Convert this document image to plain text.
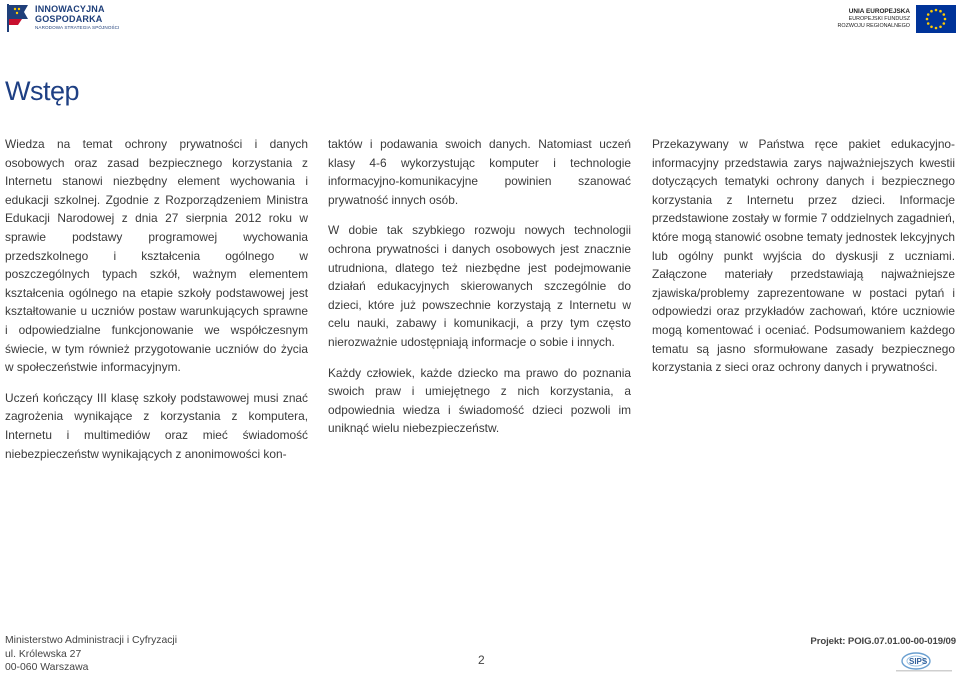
INNOWACYJNA
GOSPODARKA
NARODOWA STRATEGIA SPÓJNOŚCI
UNIA EUROPEJSKA
EUROPEJSKI FUNDUSZ
ROZWOJU REGIONALNEGO
Wstęp

Wiedza na temat ochrony prywatności i danych osobowych oraz zasad bezpiecznego korzystania z Internetu stanowi niezbędny element wychowania i edukacji szkolnej. Zgodnie z Rozporządzeniem Ministra Edukacji Narodowej z dnia 27 sierpnia 2012 roku w sprawie podstawy programowej wychowania przedszkolnego i kształcenia ogólnego w poszczególnych typach szkół, ważnym elementem kształcenia ogólnego na etapie szkoły podstawowej jest kształtowanie u uczniów postaw warunkujących sprawne i odpowiedzialne funkcjonowanie we współczesnym świecie, w tym również przygotowanie uczniów do życia w społeczeństwie informacyjnym.

Uczeń kończący III klasę szkoły podstawowej musi znać zagrożenia wynikające z korzystania z komputera, Internetu i multimediów oraz mieć świadomość niebezpieczeństw wynikających z anonimowości kon-

taktów i podawania swoich danych. Natomiast uczeń klasy 4-6 wykorzystując komputer i technologie informacyjno-komunikacyjne powinien szanować prywatność innych osób.

W dobie tak szybkiego rozwoju nowych technologii ochrona prywatności i danych osobowych jest znacznie utrudniona, dlatego też niezbędne jest podejmowanie działań edukacyjnych skierowanych szczególnie do dzieci, które już powszechnie korzystają z Internetu w celu nauki, zabawy i komunikacji, a przy tym często nierozważnie udostępniają informacje o sobie i innych.

Każdy człowiek, każde dziecko ma prawo do poznania swoich praw i umiejętnego z nich korzystania, a odpowiednia wiedza i świadomość dzieci pozwoli im uniknąć wielu niebezpieczeństw.

Przekazywany w Państwa ręce pakiet edukacyjno-informacyjny przedstawia zarys najważniejszych kwestii dotyczących tematyki ochrony danych i bezpiecznego korzystania z Internetu przez dzieci. Informacje przedstawione zostały w formie 7 oddzielnych zagadnień, które mogą stanowić osobne tematy jednostek lekcyjnych lub ogólny punkt wyjścia do dyskusji z uczniami. Załączone materiały przedstawiają najważniejsze zjawiska/problemy zaprezentowane w postaci pytań i odpowiedzi oraz przykładów zachowań, które uczniowie mogą komentować i oceniać. Podsumowaniem każdego tematu są jasno sformułowane zasady bezpiecznego korzystania z sieci oraz ochrony danych i prywatności.

Ministerstwo Administracji i Cyfryzacji
ul. Królewska 27
00-060 Warszawa
2
Projekt: POIG.07.01.00-00-019/09
SIPS
